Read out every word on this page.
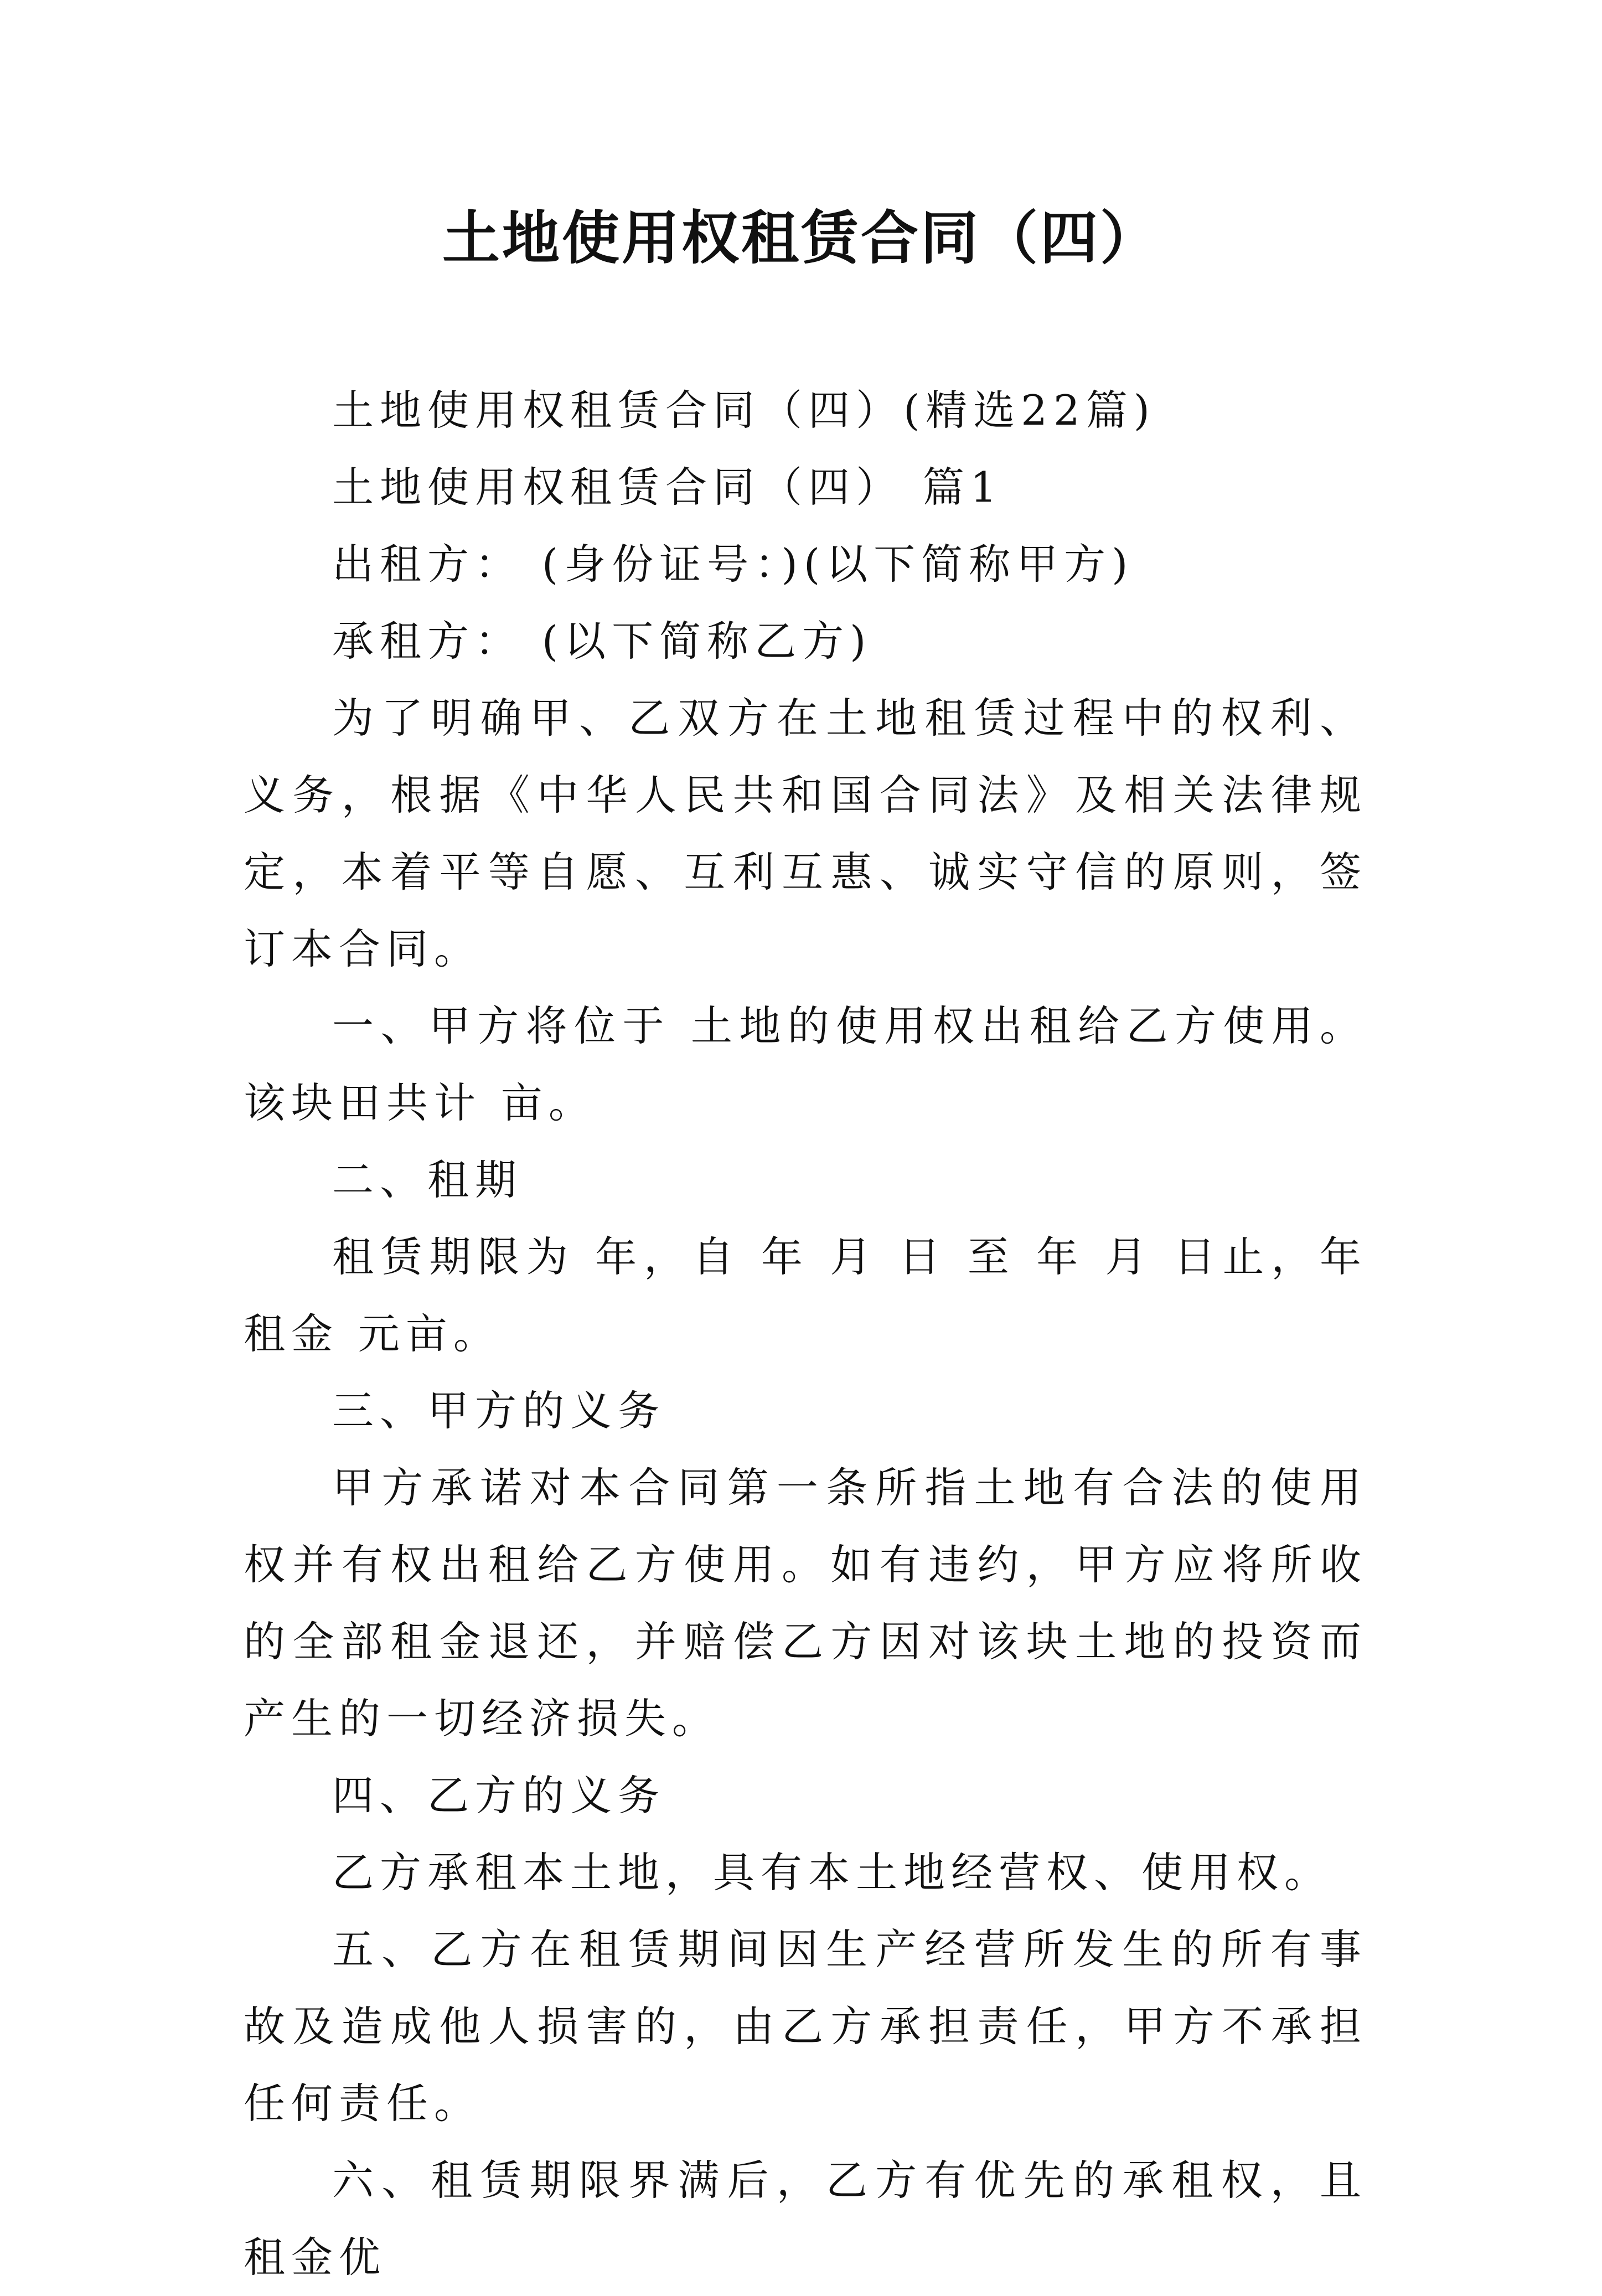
土地使用权租赁合同（四）

土地使用权租赁合同（四）(精选22篇)

土地使用权租赁合同（四） 篇1

出租方： (身份证号：)(以下简称甲方)

承租方： (以下简称乙方)

为了明确甲、乙双方在土地租赁过程中的权利、义务，根据《中华人民共和国合同法》及相关法律规定，本着平等自愿、互利互惠、诚实守信的原则，签订本合同。

一、甲方将位于 土地的使用权出租给乙方使用。该块田共计 亩。

二、租期

租赁期限为 年，自 年 月 日 至 年 月 日止，年租金 元亩。

三、甲方的义务

甲方承诺对本合同第一条所指土地有合法的使用权并有权出租给乙方使用。如有违约，甲方应将所收的全部租金退还，并赔偿乙方因对该块土地的投资而产生的一切经济损失。

四、乙方的义务

乙方承租本土地，具有本土地经营权、使用权。

五、乙方在租赁期间因生产经营所发生的所有事故及造成他人损害的，由乙方承担责任，甲方不承担任何责任。

六、租赁期限界满后，乙方有优先的承租权，且租金优
